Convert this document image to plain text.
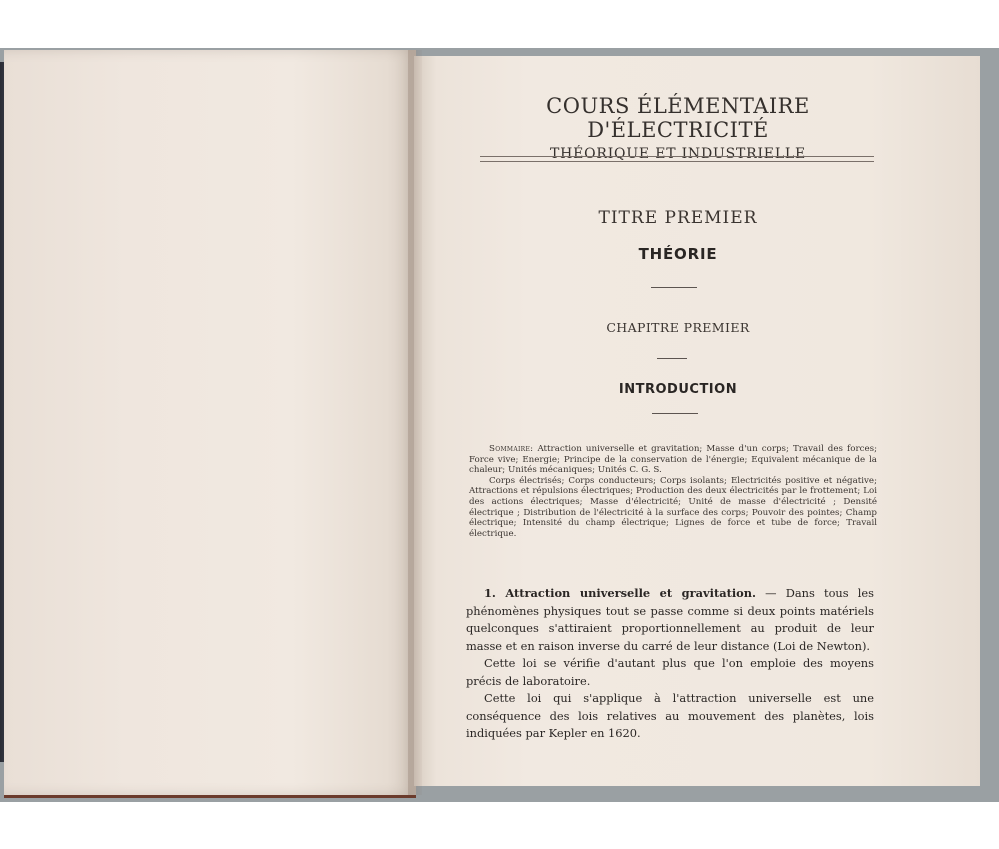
COURS ÉLÉMENTAIRE D'ÉLECTRICITÉ
THÉORIQUE ET INDUSTRIELLE
TITRE PREMIER
THÉORIE
CHAPITRE PREMIER
INTRODUCTION

Sommaire: Attraction universelle et gravitation; Masse d'un corps; Travail des forces; Force vive; Energie; Principe de la conservation de l'énergie; Equivalent mécanique de la chaleur; Unités mécaniques; Unités C. G. S.

Corps électrisés; Corps conducteurs; Corps isolants; Electricités positive et négative; Attractions et répulsions électriques; Production des deux électricités par le frottement; Loi des actions électriques; Masse d'électricité; Unité de masse d'électricité ; Densité électrique ; Distribution de l'électricité à la surface des corps; Pouvoir des pointes; Champ électrique; Intensité du champ électrique; Lignes de force et tube de force; Travail électrique.

1. Attraction universelle et gravitation. — Dans tous les phénomènes physiques tout se passe comme si deux points matériels quelconques s'attiraient proportionnellement au produit de leur masse et en raison inverse du carré de leur distance (Loi de Newton).

Cette loi se vérifie d'autant plus que l'on emploie des moyens précis de laboratoire.

Cette loi qui s'applique à l'attraction universelle est une conséquence des lois relatives au mouvement des planètes, lois indiquées par Kepler en 1620.
